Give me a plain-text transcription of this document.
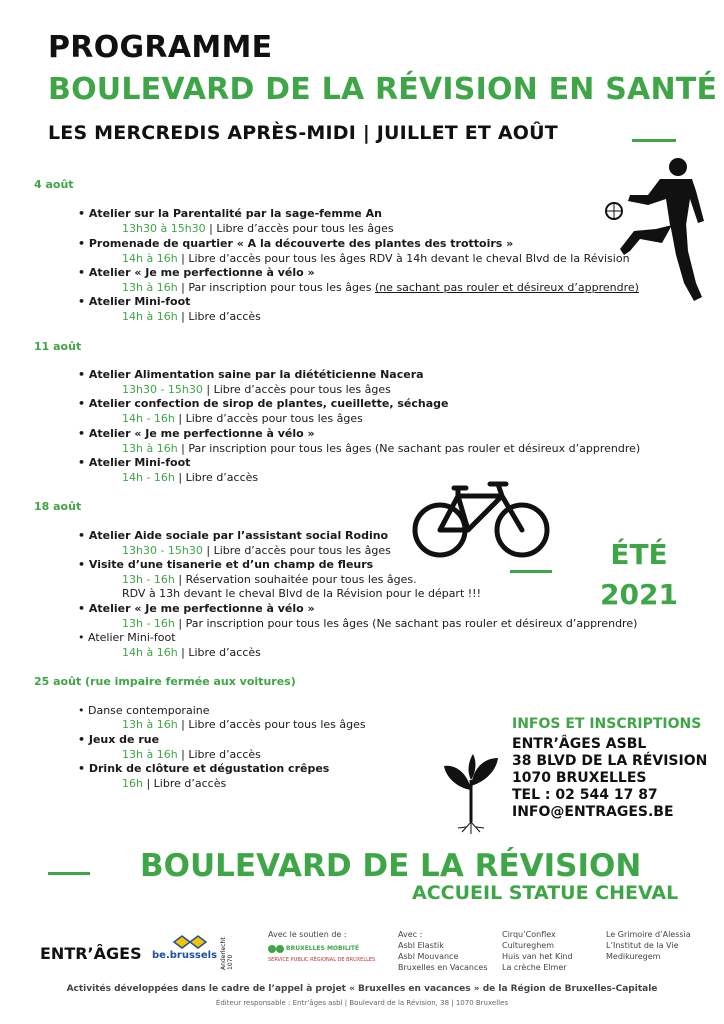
PROGRAMME
BOULEVARD DE LA RÉVISION EN SANTÉ
LES MERCREDIS APRÈS-MIDI | JUILLET ET AOÛT
4 août
• Atelier sur la Parentalité par la sage-femme An
13h30 à 15h30 | Libre d’accès pour tous les âges
• Promenade de quartier « A la découverte des plantes des trottoirs »
14h à 16h | Libre d’accès pour tous les âges RDV à 14h devant le cheval Blvd de la Révision
• Atelier « Je me perfectionne à vélo »
13h à 16h | Par inscription pour tous les âges (ne sachant pas rouler et désireux d’apprendre)
• Atelier Mini-foot
14h à 16h | Libre d’accès
11 août
• Atelier Alimentation saine par la diététicienne Nacera
13h30 - 15h30 | Libre d’accès pour tous les âges
• Atelier confection de sirop de plantes, cueillette, séchage
14h - 16h | Libre d’accès pour tous les âges
• Atelier « Je me perfectionne à vélo »
13h à 16h | Par inscription pour tous les âges (Ne sachant pas rouler et désireux d’apprendre)
• Atelier Mini-foot
14h - 16h | Libre d’accès
18 août
• Atelier Aide sociale par l’assistant social Rodino
13h30 - 15h30 | Libre d’accès pour tous les âges
• Visite d’une tisanerie et d’un champ de fleurs
13h - 16h | Réservation souhaitée pour tous les âges.
RDV à 13h devant le cheval Blvd de la Révision pour le départ !!!
• Atelier « Je me perfectionne à vélo »
13h - 16h | Par inscription pour tous les âges (Ne sachant pas rouler et désireux d’apprendre)
• Atelier Mini-foot
14h à 16h | Libre d’accès
ÉTÉ
2021
25 août (rue impaire fermée aux voitures)
• Danse contemporaine
13h à 16h | Libre d’accès pour tous les âges
• Jeux de rue
13h à 16h | Libre d’accès
• Drink de clôture et dégustation crêpes
16h | Libre d’accès
INFOS ET INSCRIPTIONS
ENTR’ÂGES ASBL
38 BLVD DE LA RÉVISION
1070 BRUXELLES
TEL : 02 544 17 87
INFO@ENTRAGES.BE
BOULEVARD DE LA RÉVISION
ACCUEIL STATUE CHEVAL
ENTR’ÂGES be.brussels Anderlecht 1070
Avec le soutien de :
BRUXELLES MOBILITÉ
SERVICE PUBLIC RÉGIONAL DE BRUXELLES
Avec :
Asbl Elastik
Asbl Mouvance
Bruxelles en Vacances
Cirqu’Conflex
Cultureghem
Huis van het Kind
La crèche Elmer
Le Grimoire d’Alessia
L’Institut de la Vie
Medikuregem
Activités développées dans le cadre de l’appel à projet « Bruxelles en vacances » de la Région de Bruxelles-Capitale
Éditeur responsable : Entr’âges asbl | Boulevard de la Révision, 38 | 1070 Bruxelles
